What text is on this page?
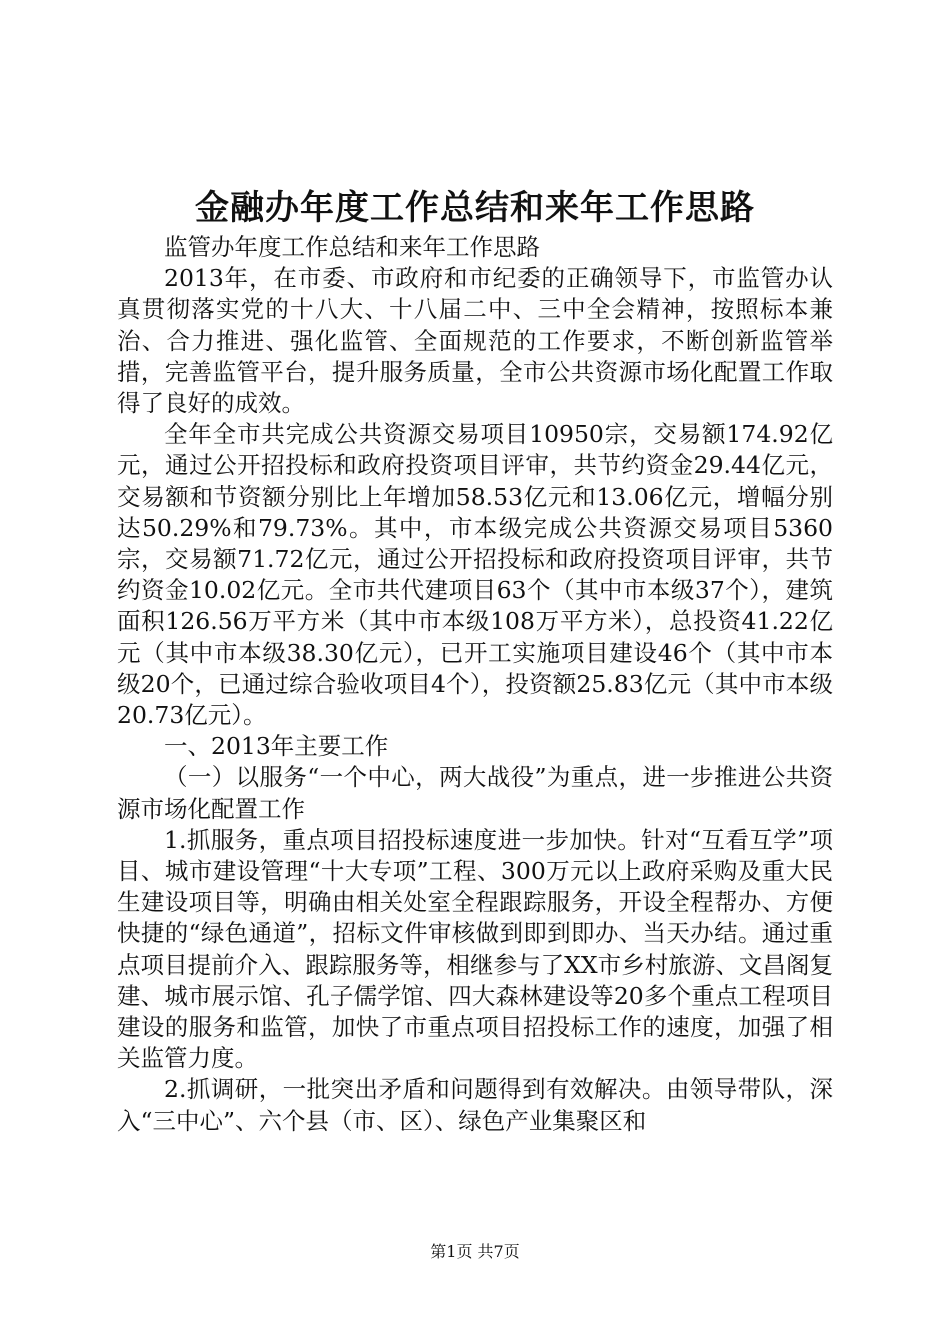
金融办年度工作总结和来年工作思路

监管办年度工作总结和来年工作思路

2013年，在市委、市政府和市纪委的正确领导下，市监管办认真贯彻落实党的十八大、十八届二中、三中全会精神，按照标本兼治、合力推进、强化监管、全面规范的工作要求，不断创新监管举措，完善监管平台，提升服务质量，全市公共资源市场化配置工作取得了良好的成效。

全年全市共完成公共资源交易项目10950宗，交易额174.92亿元，通过公开招投标和政府投资项目评审，共节约资金29.44亿元，交易额和节资额分别比上年增加58.53亿元和13.06亿元，增幅分别达50.29%和79.73%。其中，市本级完成公共资源交易项目5360宗，交易额71.72亿元，通过公开招投标和政府投资项目评审，共节约资金10.02亿元。全市共代建项目63个（其中市本级37个），建筑面积126.56万平方米（其中市本级108万平方米），总投资41.22亿元（其中市本级38.30亿元），已开工实施项目建设46个（其中市本级20个，已通过综合验收项目4个），投资额25.83亿元（其中市本级20.73亿元）。

一、2013年主要工作

（一）以服务“一个中心，两大战役”为重点，进一步推进公共资源市场化配置工作

1.抓服务，重点项目招投标速度进一步加快。针对“互看互学”项目、城市建设管理“十大专项”工程、300万元以上政府采购及重大民生建设项目等，明确由相关处室全程跟踪服务，开设全程帮办、方便快捷的“绿色通道”，招标文件审核做到即到即办、当天办结。通过重点项目提前介入、跟踪服务等，相继参与了XX市乡村旅游、文昌阁复建、城市展示馆、孔子儒学馆、四大森林建设等20多个重点工程项目建设的服务和监管，加快了市重点项目招投标工作的速度，加强了相关监管力度。

2.抓调研，一批突出矛盾和问题得到有效解决。由领导带队，深入“三中心”、六个县（市、区）、绿色产业集聚区和

第1页 共7页
